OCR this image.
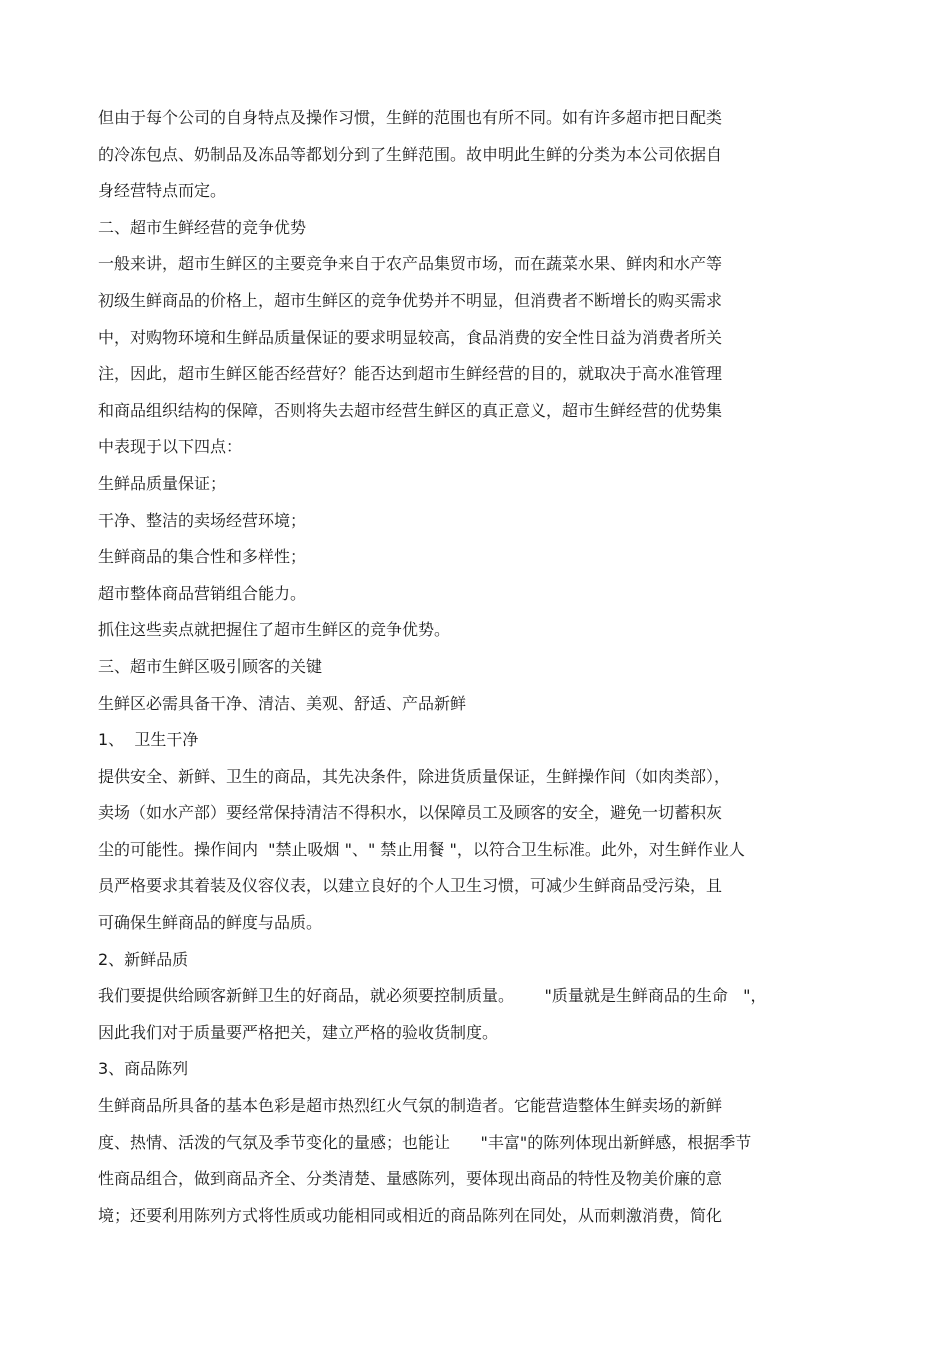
但由于每个公司的自身特点及操作习惯，生鲜的范围也有所不同。如有许多超市把日配类
的冷冻包点、奶制品及冻品等都划分到了生鲜范围。故申明此生鲜的分类为本公司依据自
身经营特点而定。
二、超市生鲜经营的竞争优势
一般来讲，超市生鲜区的主要竞争来自于农产品集贸市场，而在蔬菜水果、鲜肉和水产等
初级生鲜商品的价格上，超市生鲜区的竞争优势并不明显，但消费者不断增长的购买需求
中，对购物环境和生鲜品质量保证的要求明显较高，食品消费的安全性日益为消费者所关
注，因此，超市生鲜区能否经营好？能否达到超市生鲜经营的目的，就取决于高水准管理
和商品组织结构的保障，否则将失去超市经营生鲜区的真正意义，超市生鲜经营的优势集
中表现于以下四点：
生鲜品质量保证；
干净、整洁的卖场经营环境；
生鲜商品的集合性和多样性；
超市整体商品营销组合能力。
抓住这些卖点就把握住了超市生鲜区的竞争优势。
三、超市生鲜区吸引顾客的关键
生鲜区必需具备干净、清洁、美观、舒适、产品新鲜
1、  卫生干净
提供安全、新鲜、卫生的商品，其先决条件，除进货质量保证，生鲜操作间（如肉类部），
卖场（如水产部）要经常保持清洁不得积水，以保障员工及顾客的安全，避免一切蓄积灰
尘的可能性。操作间内  "禁止吸烟 "、" 禁止用餐 "，以符合卫生标准。此外，对生鲜作业人
员严格要求其着装及仪容仪表，以建立良好的个人卫生习惯，可减少生鲜商品受污染，且
可确保生鲜商品的鲜度与品质。
2、新鲜品质
我们要提供给顾客新鲜卫生的好商品，就必须要控制质量。      "质量就是生鲜商品的生命   "，
因此我们对于质量要严格把关，建立严格的验收货制度。
3、商品陈列
生鲜商品所具备的基本色彩是超市热烈红火气氛的制造者。它能营造整体生鲜卖场的新鲜
度、热情、活泼的气氛及季节变化的量感；也能让      "丰富"的陈列体现出新鲜感，根据季节
性商品组合，做到商品齐全、分类清楚、量感陈列，要体现出商品的特性及物美价廉的意
境；还要利用陈列方式将性质或功能相同或相近的商品陈列在同处，从而刺激消费，简化
